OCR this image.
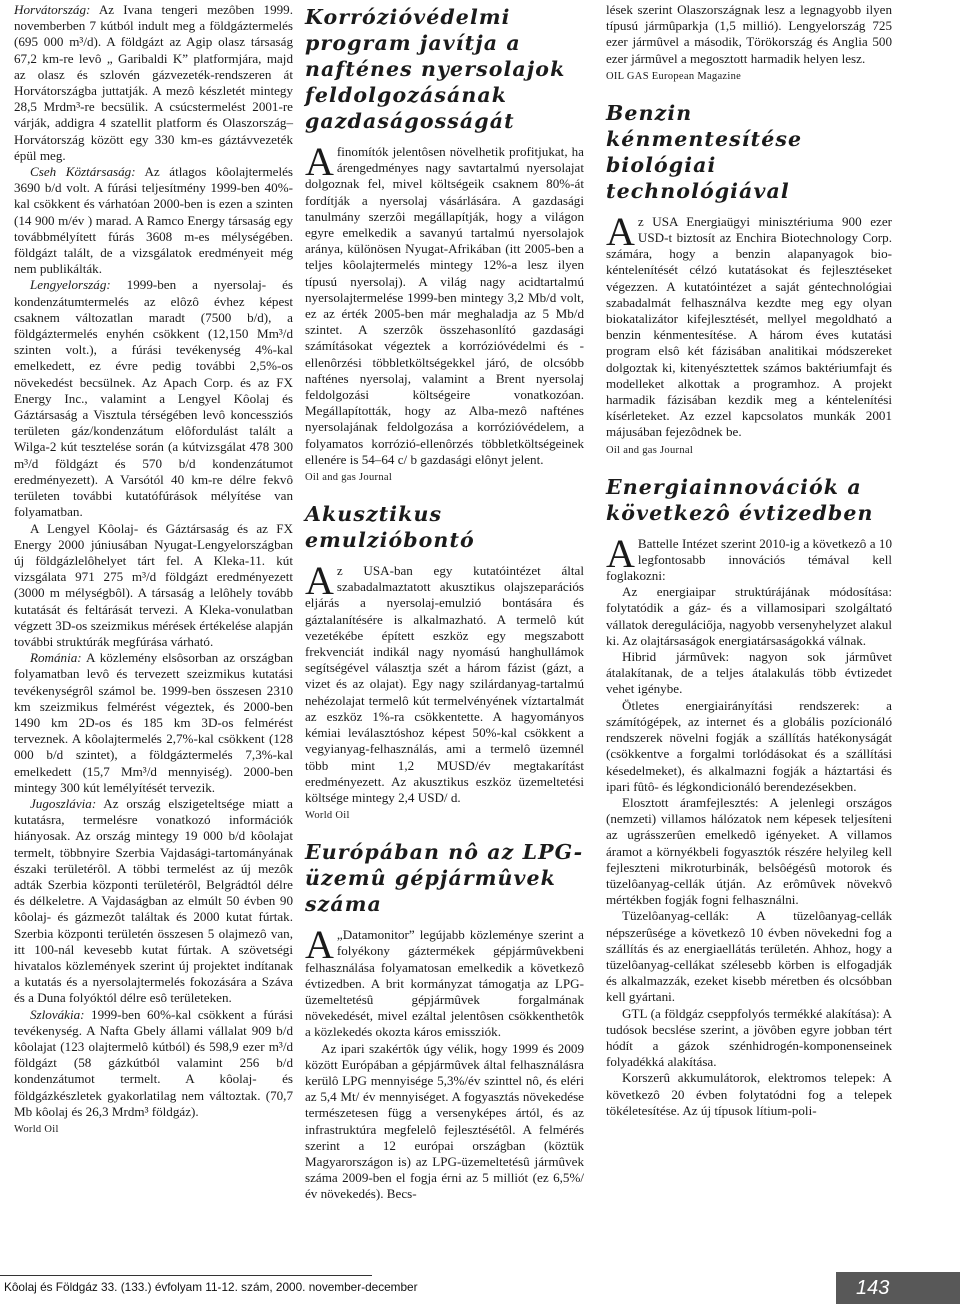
Horvátország: Az Ivana tengeri mezôben 1999. novemberben 7 kútból indult meg a földgáztermelés (695 000 m³/d). A földgázt az Agip olasz társaság 67,2 km-re levô „ Garibaldi K” platformjára, majd az olasz és szlovén gázvezeték-rendszeren át Horvátországba juttatják. A mezô készletét mintegy 28,5 Mrdm³-re becsülik. A csúcstermelést 2001-re várják, addigra 4 szatellit platform és Olaszország–Horvátország között egy 330 km-es gáztávvezeték épül meg.

Cseh Köztársaság: Az átlagos kôolajtermelés 3690 b/d volt. A fúrási teljesítmény 1999-ben 40%-kal csökkent és várhatóan 2000-ben is ezen a szinten (14 900 m/év ) marad. A Ramco Energy társaság egy továbbmélyített fúrás 3608 m-es mélységében. földgázt talált, de a vizsgálatok eredményeit még nem publikálták.

Lengyelország: 1999-ben a nyersolaj- és kondenzátumtermelés az elôzô évhez képest csaknem változatlan maradt (7500 b/d), a földgáztermelés enyhén csökkent (12,150 Mm³/d szinten volt.), a fúrási tevékenység 4%-kal emelkedett, ez évre pedig további 2,5%-os növekedést becsülnek. Az Apach Corp. és az FX Energy Inc., valamint a Lengyel Kôolaj és Gáztársaság a Visztula térségében levô koncessziós területen gáz/kondenzátum elôfordulást talált a Wilga-2 kút tesztelése során (a kútvizsgálat 478 300 m³/d földgázt és 570 b/d kondenzátumot eredményezett). A Varsótól 40 km-re délre fekvô területen további kutatófúrások mélyítése van folyamatban.

A Lengyel Kôolaj- és Gáztársaság és az FX Energy 2000 júniusában Nyugat-Lengyelországban új földgázlelôhelyet tárt fel. A Kleka-11. kút vizsgálata 971 275 m³/d földgázt eredményezett (3000 m mélységbôl). A társaság a lelôhely tovább kutatását és feltárását tervezi. A Kleka-vonulatban végzett 3D-os szeizmikus mérések értékelése alapján további struktúrák megfúrása várható.

Románia: A közlemény elsôsorban az országban folyamatban levô és tervezett szeizmikus kutatási tevékenységrôl számol be. 1999-ben összesen 2310 km szeizmikus felmérést végeztek, és 2000-ben 1490 km 2D-os és 185 km 3D-os felmérést terveznek. A kôolajtermelés 2,7%-kal csökkent (128 000 b/d szintet), a földgáztermelés 7,3%-kal emelkedett (15,7 Mm³/d mennyiség). 2000-ben mintegy 300 kút lemélyítését tervezik.

Jugoszlávia: Az ország elszigeteltsége miatt a kutatásra, termelésre vonatkozó információk hiányosak. Az ország mintegy 19 000 b/d kôolajat termelt, többnyire Szerbia Vajdasági-tartományának északi területérôl. A többi termelést az új mezôk adták Szerbia központi területérôl, Belgrádtól délre és délkeletre. A Vajdaságban az elmúlt 50 évben 90 kôolaj- és gázmezôt találtak és 2000 kutat fúrtak. Szerbia központi területén összesen 5 olajmezô van, itt 100-nál kevesebb kutat fúrtak. A szövetségi hivatalos közlemények szerint új projektet indítanak a kutatás és a nyersolajtermelés fokozására a Száva és a Duna folyóktól délre esô területeken.

Szlovákia: 1999-ben 60%-kal csökkent a fúrási tevékenység. A Nafta Gbely állami vállalat 909 b/d kôolajat (123 olajtermelô kútból) és 598,9 ezer m³/d földgázt (58 gázkútból valamint 256 b/d kondenzátumot termelt. A kôolaj- és földgázkészletek gyakorlatilag nem változtak. (70,7 Mb kôolaj és 26,3 Mrdm³ földgáz).

World Oil
Korrózióvédelmi program javítja a nafténes nyersolajok feldolgozásának gazdaságosságát

A finomítók jelentôsen növelhetik profitjukat, ha árengedményes nagy savtartalmú nyersolajat dolgoznak fel, mivel költségeik csaknem 80%-át fordítják a nyersolaj vásárlására. A gazdasági tanulmány szerzôi megállapítják, hogy a világon egyre emelkedik a savanyú tartalmú nyersolajok aránya, különösen Nyugat-Afrikában (itt 2005-ben a teljes kôolajtermelés mintegy 12%-a lesz ilyen típusú nyersolaj). A világ nagy acidtartalmú nyersolajtermelése 1999-ben mintegy 3,2 Mb/d volt, ez az érték 2005-ben már meghaladja az 5 Mb/d szintet. A szerzôk összehasonlító gazdasági számításokat végeztek a korrózióvédelmi és -ellenôrzési többletköltségekkel járó, de olcsóbb nafténes nyersolaj, valamint a Brent nyersolaj feldolgozási költségeire vonatkozóan. Megállapították, hogy az Alba-mezô nafténes nyersolajának feldolgozása a korrózióvédelem, a folyamatos korrózió-ellenôrzés többletköltségeinek ellenére is 54–64 c/ b gazdasági elônyt jelent.

Oil and gas Journal
Akusztikus emulzióbontó

Az USA-ban egy kutatóintézet által szabadalmaztatott akusztikus olajszeparációs eljárás a nyersolaj-emulzió bontására és gáztalanítésére is alkalmazható. A termelô kút vezetékébe épített eszköz egy megszabott frekvenciát indikál nagy nyomású hanghullámok segítségével választja szét a három fázist (gázt, a vizet és az olajat). Egy nagy szilárdanyag-tartalmú nehézolajat termelô kút termelvényének víztartalmát az eszköz 1%-ra csökkentette. A hagyományos kémiai leválasztóshoz képest 50%-kal csökkent a vegyianyag-felhasználás, ami a termelô üzemnél több mint 1,2 MUSD/év megtakarítást eredményezett. Az akusztikus eszköz üzemeltetési költsége mintegy 2,4 USD/ d.

World Oil
Európában nô az LPG-üzemû gépjármûvek száma

A „Datamonitor” legújabb közleménye szerint a folyékony gáztermékek gépjármûvekbeni felhasználása folyamatosan emelkedik a következô évtizedben. A brit kormányzat támogatja az LPG-üzemeltetésû gépjármûvek forgalmának növekedését, mivel ezáltal jelentôsen csökkenthetôk a közlekedés okozta káros emissziók.

Az ipari szakértôk úgy vélik, hogy 1999 és 2009 között Európában a gépjármûvek által felhasználásra kerülô LPG mennyisége 5,3%/év szinttel nô, és eléri az 5,4 Mt/ év mennyiséget. A fogyasztás növekedése természetesen függ a versenyképes ártól, és az infrastruktúra megfelelô fejlesztésétôl. A felmérés szerint a 12 európai országban (köztük Magyarországon is) az LPG-üzemeltetésû jármûvek száma 2009-ben el fogja érni az 5 milliót (ez 6,5%/év növekedés). Becs-

lések szerint Olaszországnak lesz a legnagyobb ilyen típusú jármûparkja (1,5 millió). Lengyelország 725 ezer jármûvel a második, Törökország és Anglia 500 ezer jármûvel a megosztott harmadik helyen lesz.

OIL GAS European Magazine
Benzin kénmentesítése biológiai technológiával

Az USA Energiaügyi minisztériuma 900 ezer USD-t biztosít az Enchira Biotechnology Corp. számára, hogy a benzin alapanyagok bio-kéntelenítését célzó kutatásokat és fejlesztéseket végezzen. A kutatóintézet a saját géntechnológiai szabadalmát felhasználva kezdte meg egy olyan biokatalizátor kifejlesztését, mellyel megoldható a benzin kénmentesítése. A három éves kutatási program elsô két fázisában analitikai módszereket dolgoztak ki, kitenyésztettek számos baktériumfajt és modelleket alkottak a programhoz. A projekt harmadik fázisában kezdik meg a kéntelenítési kísérleteket. Az ezzel kapcsolatos munkák 2001 májusában fejezôdnek be.

Oil and gas Journal
Energiainnovációk a következô évtizedben

A Battelle Intézet szerint 2010-ig a következô a 10 legfontosabb innovációs témával kell foglakozni:

Az energiaipar struktúrájának módosítása: folytatódik a gáz- és a villamosipari szolgáltató vállatok dereguláciőja, nagyobb versenyhelyzet alakul ki. Az olajtársaságok energiatársaságokká válnak.

Hibrid jármûvek: nagyon sok jármûvet átalakítanak, de a teljes átalakulás több évtizedet vehet igénybe.

Ötletes energiairányítási rendszerek: a számítógépek, az internet és a globális pozícionáló rendszerek növelni fogják a szállítás hatékonyságát (csökkentve a forgalmi torlódásokat és a szállítási késedelmeket), és alkalmazni fogják a háztartási és ipari fûtô- és légkondicionáló berendezésekben.

Elosztott áramfejlesztés: A jelenlegi országos (nemzeti) villamos hálózatok nem képesek teljesíteni az ugrásszerûen emelkedô igényeket. A villamos áramot a környékbeli fogyasztók részére helyileg kell fejleszteni mikroturbinák, belsôégésû motorok és tüzelôanyag-cellák útján. Az erômûvek növekvô mértékben fogják fogni felhasználni.

Tüzelôanyag-cellák: A tüzelôanyag-cellák népszerûsége a következô 10 évben növekedni fog a szállítás és az energiaellátás területén. Ahhoz, hogy a tüzelôanyag-cellákat szélesebb körben is elfogadják és alkalmazzák, ezeket kisebb méretben és olcsóbban kell gyártani.

GTL (a földgáz cseppfolyós termékké alakítása): A tudósok becslése szerint, a jövôben egyre jobban tért hódít a gázok szénhidrogén-komponenseinek folyadékká alakítása.

Korszerû akkumulátorok, elektromos telepek: A következô 20 évben folytatódni fog a telepek tökéletesítése. Az új típusok lítium-poli-

Kôolaj és Földgáz 33. (133.) évfolyam 11-12. szám, 2000. november-december	143
